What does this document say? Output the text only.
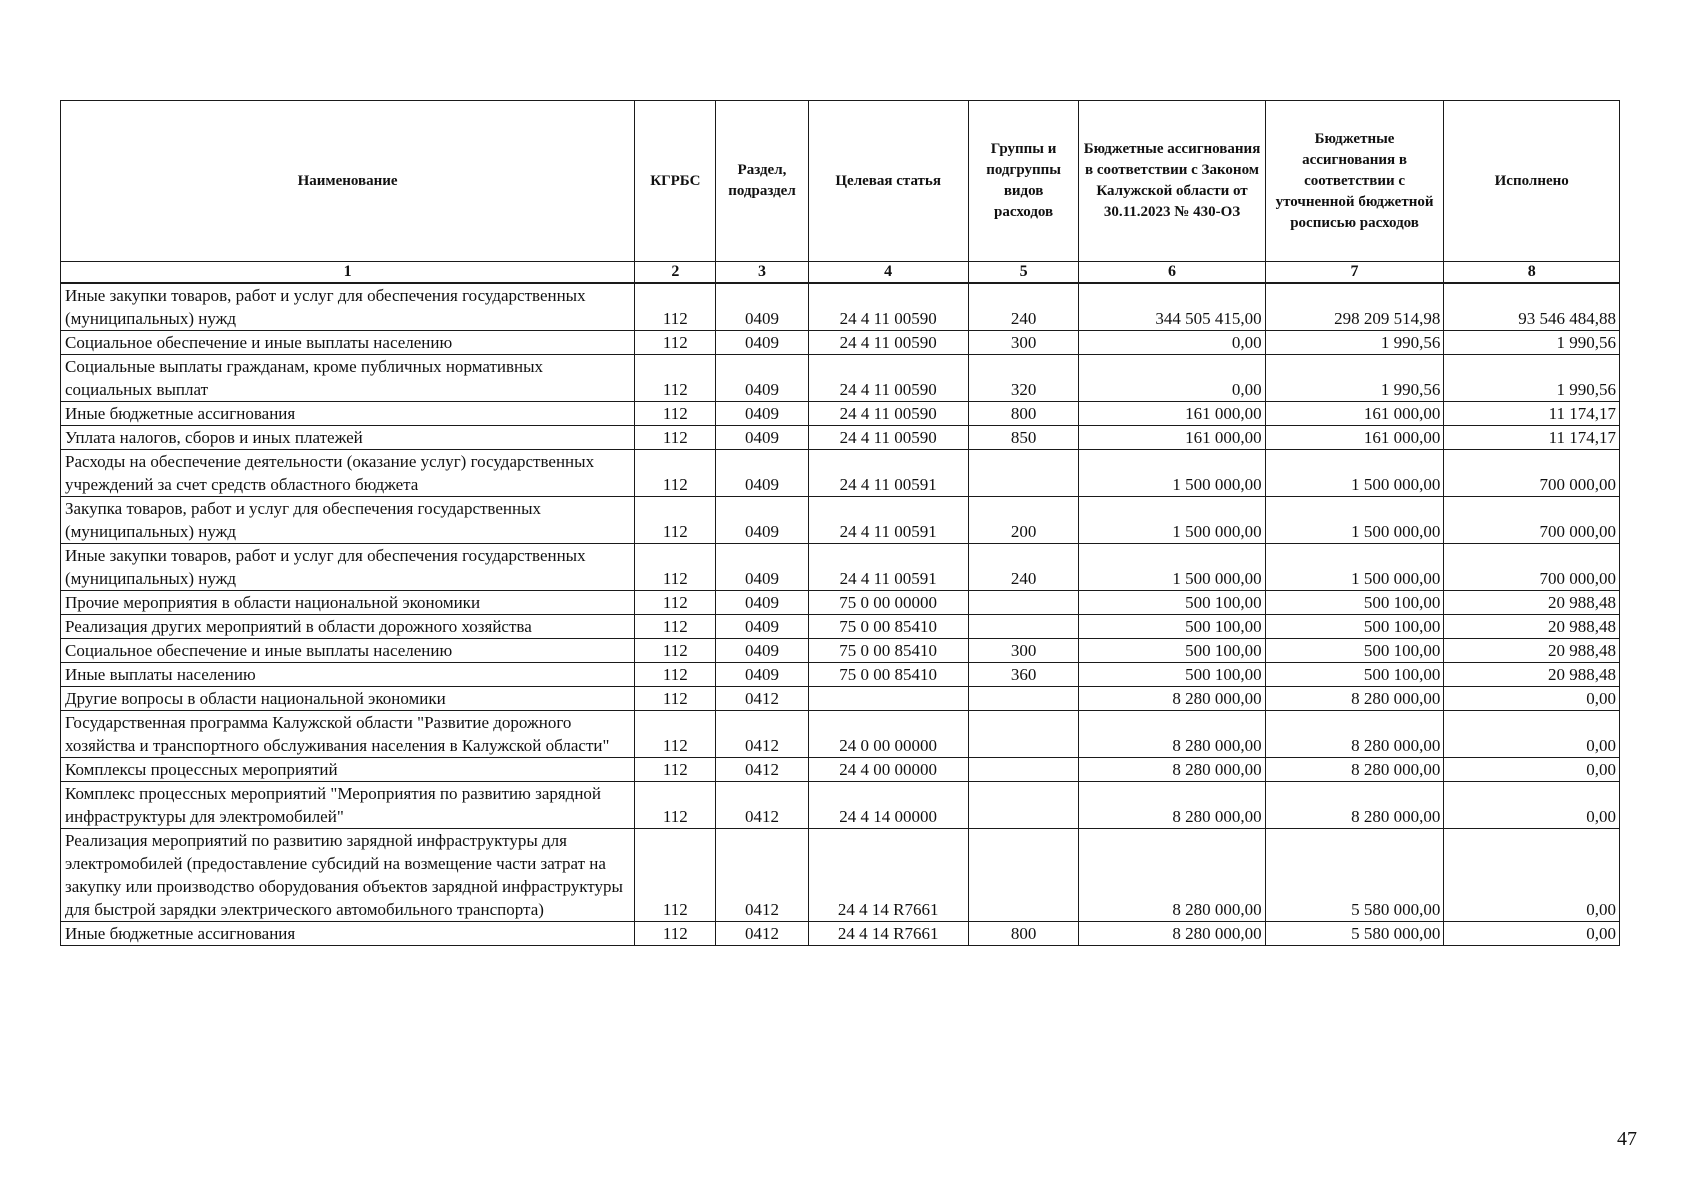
Наименование	КГРБС	Раздел, подраздел	Целевая статья	Группы и подгруппы видов расходов	Бюджетные ассигнования в соответствии с Законом Калужской области от 30.11.2023 № 430-ОЗ	Бюджетные ассигнования в соответствии с уточненной бюджетной росписью расходов	Исполнено
1	2	3	4	5	6	7	8
Иные закупки товаров, работ и услуг для обеспечения государственных (муниципальных) нужд	112	0409	24 4 11 00590	240	344 505 415,00	298 209 514,98	93 546 484,88
Социальное обеспечение и иные выплаты населению	112	0409	24 4 11 00590	300	0,00	1 990,56	1 990,56
Социальные выплаты гражданам, кроме публичных нормативных социальных выплат	112	0409	24 4 11 00590	320	0,00	1 990,56	1 990,56
Иные бюджетные ассигнования	112	0409	24 4 11 00590	800	161 000,00	161 000,00	11 174,17
Уплата налогов, сборов и иных платежей	112	0409	24 4 11 00590	850	161 000,00	161 000,00	11 174,17
Расходы на обеспечение деятельности (оказание услуг) государственных учреждений за счет средств областного бюджета	112	0409	24 4 11 00591		1 500 000,00	1 500 000,00	700 000,00
Закупка товаров, работ и услуг для обеспечения государственных (муниципальных) нужд	112	0409	24 4 11 00591	200	1 500 000,00	1 500 000,00	700 000,00
Иные закупки товаров, работ и услуг для обеспечения государственных (муниципальных) нужд	112	0409	24 4 11 00591	240	1 500 000,00	1 500 000,00	700 000,00
Прочие мероприятия в области национальной экономики	112	0409	75 0 00 00000		500 100,00	500 100,00	20 988,48
Реализация других мероприятий в области дорожного хозяйства	112	0409	75 0 00 85410		500 100,00	500 100,00	20 988,48
Социальное обеспечение и иные выплаты населению	112	0409	75 0 00 85410	300	500 100,00	500 100,00	20 988,48
Иные выплаты населению	112	0409	75 0 00 85410	360	500 100,00	500 100,00	20 988,48
Другие вопросы в области национальной экономики	112	0412			8 280 000,00	8 280 000,00	0,00
Государственная программа Калужской области "Развитие дорожного хозяйства и транспортного обслуживания населения в Калужской области"	112	0412	24 0 00 00000		8 280 000,00	8 280 000,00	0,00
Комплексы процессных мероприятий	112	0412	24 4 00 00000		8 280 000,00	8 280 000,00	0,00
Комплекс процессных мероприятий "Мероприятия по развитию зарядной инфраструктуры для электромобилей"	112	0412	24 4 14 00000		8 280 000,00	8 280 000,00	0,00
Реализация мероприятий по развитию зарядной инфраструктуры для электромобилей (предоставление субсидий на возмещение части затрат на закупку или производство оборудования объектов зарядной инфраструктуры для быстрой зарядки электрического автомобильного транспорта)	112	0412	24 4 14 R7661		8 280 000,00	5 580 000,00	0,00
Иные бюджетные ассигнования	112	0412	24 4 14 R7661	800	8 280 000,00	5 580 000,00	0,00
47
